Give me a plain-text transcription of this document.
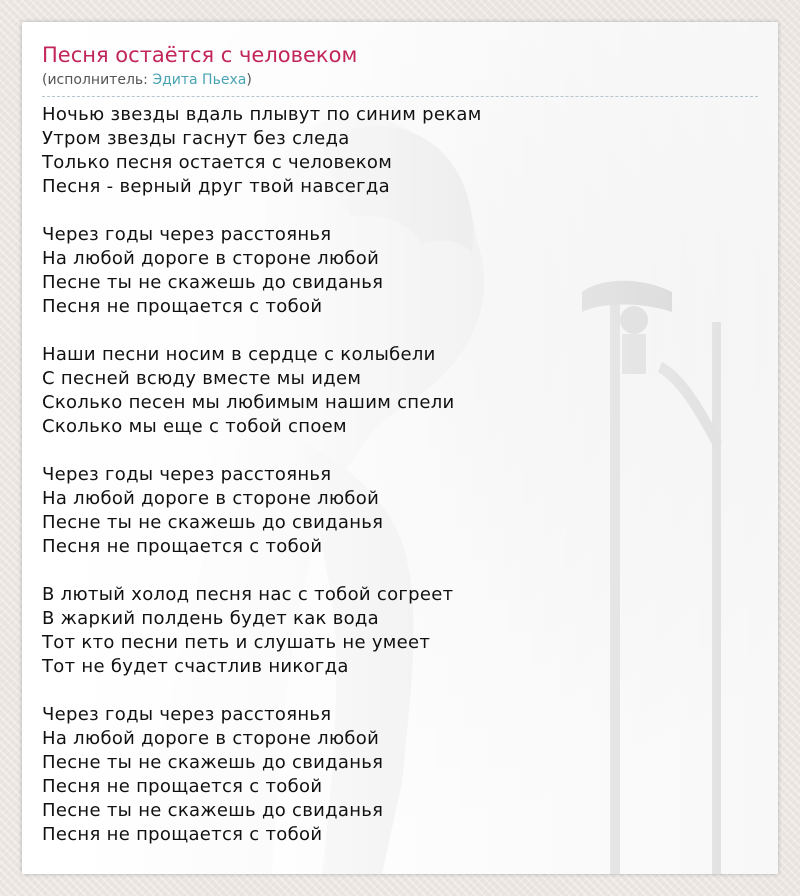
Песня остаётся с человеком
(исполнитель: Эдита Пьеха)
Ночью звезды вдаль плывут по синим рекам
Утром звезды гаснут без следа
Только песня остается с человеком
Песня - верный друг твой навсегда
Через годы через расстоянья
На любой дороге в стороне любой
Песне ты не скажешь до свиданья
Песня не прощается с тобой
Наши песни носим в сердце с колыбели
С песней всюду вместе мы идем
Сколько песен мы любимым нашим спели
Сколько мы еще с тобой споем
Через годы через расстоянья
На любой дороге в стороне любой
Песне ты не скажешь до свиданья
Песня не прощается с тобой
В лютый холод песня нас с тобой согреет
В жаркий полдень будет как вода
Тот кто песни петь и слушать не умеет
Тот не будет счастлив никогда
Через годы через расстоянья
На любой дороге в стороне любой
Песне ты не скажешь до свиданья
Песня не прощается с тобой
Песне ты не скажешь до свиданья
Песня не прощается с тобой
